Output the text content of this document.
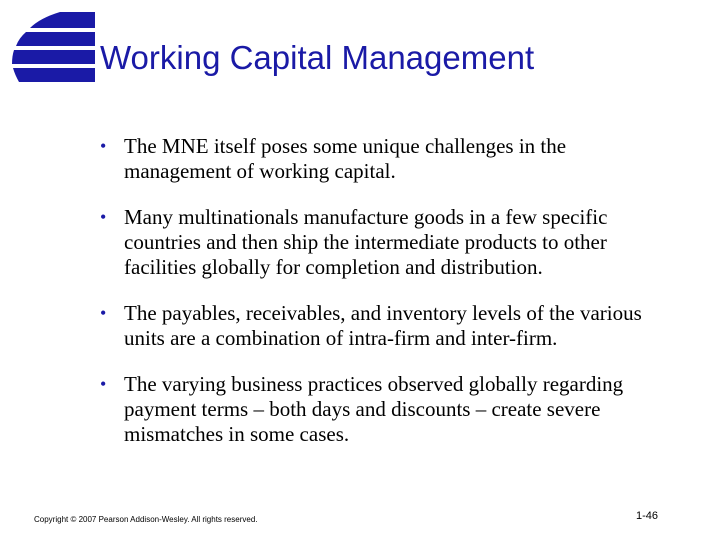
Working Capital Management
• The MNE itself poses some unique challenges in the management of working capital.
• Many multinationals manufacture goods in a few specific countries and then ship the intermediate products to other facilities globally for completion and distribution.
• The payables, receivables, and inventory levels of the various units are a combination of intra-firm and inter-firm.
• The varying business practices observed globally regarding payment terms – both days and discounts – create severe mismatches in some cases.
Copyright © 2007 Pearson Addison-Wesley. All rights reserved.	1-46
